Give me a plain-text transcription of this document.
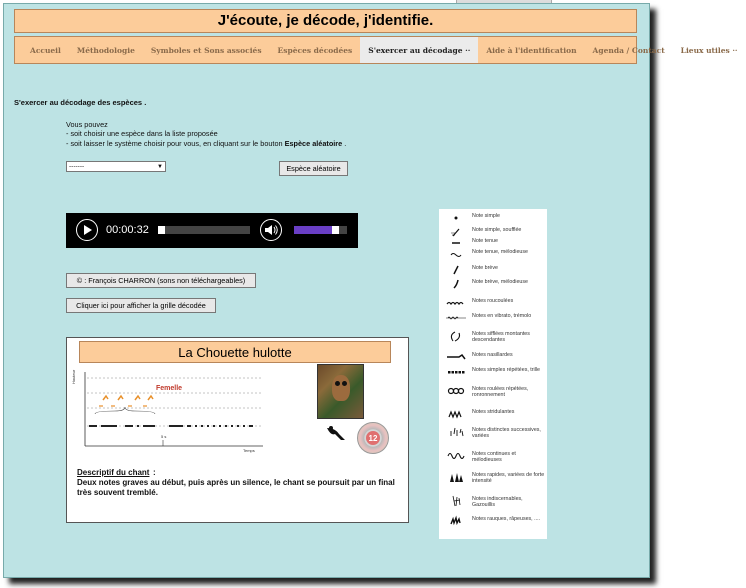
J'écoute, je décode, j'identifie.
Accueil	Méthodologie	Symboles et Sons associés	Espèces décodées	S'exercer au décodage ··	Aide à l'identification	Agenda / Contact	Lieux utiles ··
S'exercer au décodage des espèces .
Vous pouvez
- soit choisir une espèce dans la liste proposée
- soit laisser le système choisir pour vous, en cliquant sur le bouton Espèce aléatoire .
-------	▼	Espèce aléatoire
00:00:32
© : François CHARRON (sons non téléchargeables)
Cliquer ici pour afficher la grille décodée
La Chouette hulotte
Hauteur
Temps
5 s
Femelle
12
Descriptif du chant :
Deux notes graves au début, puis après un silence, le chant se poursuit par un final très souvent tremblé.
Note simple
Note simple, soufflée
Note tenue
Note tenue, mélodieuse
Note brève
Note brève, mélodieuse
Notes roucoulées
Notes en vibrato, trémolo
Notes sifflées montantes descendantes
Notes nasillardes
Notes simples répétées, trille
Notes roulées répétées, ronronnement
Notes stridulantes
Notes distinctes successives, variées
Notes continues et mélodieuses
Notes rapides, variées de forte intensité
Notes indiscernables, Gazouillis
Notes rauques, râpeuses, ....
